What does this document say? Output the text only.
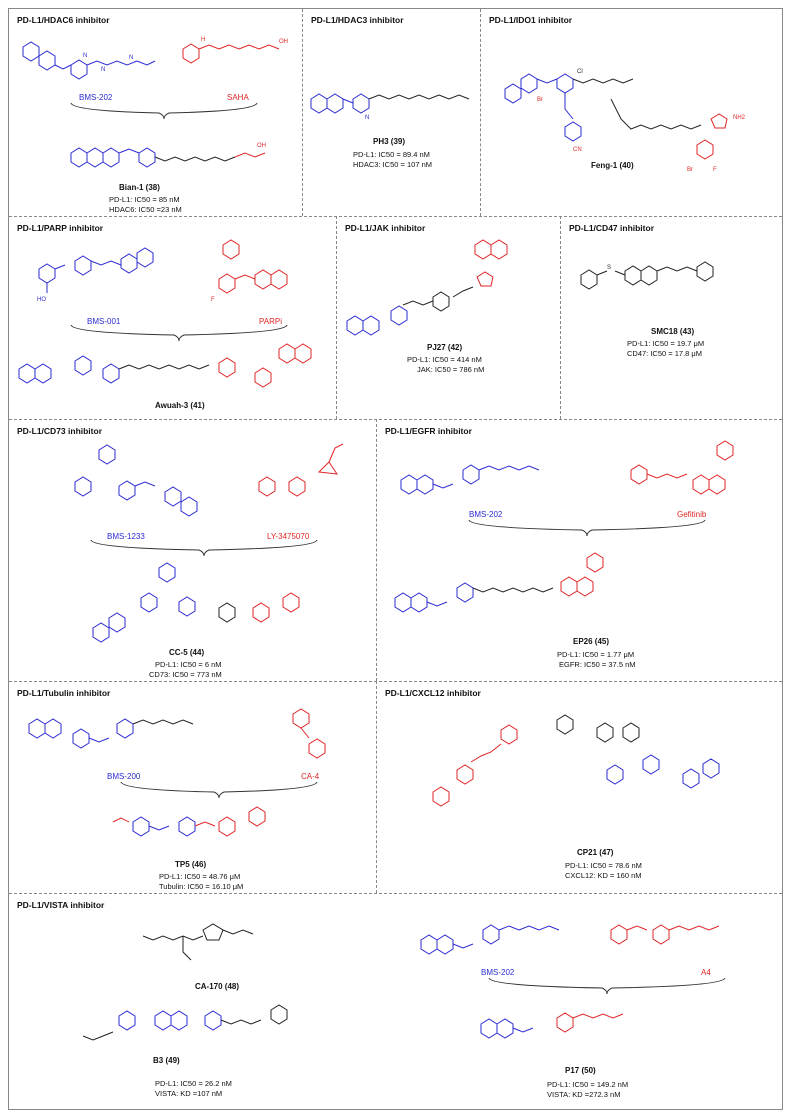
PD-L1/HDAC6 inhibitor
N
N
N
H	OH
BMS-202	SAHA
OH
Bian-1 (38)
PD-L1: IC50 = 85 nM
HDAC6: IC50 =23 nM
PD-L1/HDAC3 inhibitor
N
PH3 (39)
PD-L1: IC50 = 89.4 nM
HDAC3: IC50 = 107 nM
PD-L1/IDO1 inhibitor
Br
Cl
CN
NH2
Br	F
Feng-1 (40)
PD-L1/PARP inhibitor
HO	F
BMS-001	PARPi
Awuah-3 (41)
PD-L1/JAK inhibitor
PJ27 (42)
PD-L1: IC50 = 414 nM
JAK: IC50 = 786 nM
PD-L1/CD47 inhibitor
S
SMC18 (43)
PD-L1: IC50 = 19.7 μM
CD47: IC50 = 17.8 μM
PD-L1/CD73 inhibitor
BMS-1233	LY-3475070
CC-5 (44)
PD-L1: IC50 = 6 nM
CD73: IC50 = 773 nM
PD-L1/EGFR inhibitor
BMS-202	Gefitinib
EP26 (45)
PD-L1: IC50 = 1.77 μM
EGFR: IC50 = 37.5 nM
PD-L1/Tubulin inhibitor
BMS-200	CA-4
TP5 (46)
PD-L1: IC50 = 48.76 μM
Tubulin: IC50 = 16.10 μM
PD-L1/CXCL12 inhibitor
CP21 (47)
PD-L1: IC50 = 78.6 nM
CXCL12: KD = 160 nM
PD-L1/VISTA inhibitor
CA-170 (48)
B3 (49)
PD-L1: IC50 = 26.2 nM
VISTA: KD =107 nM
BMS-202	A4
P17 (50)
PD-L1: IC50 = 149.2 nM
VISTA: KD =272.3 nM
